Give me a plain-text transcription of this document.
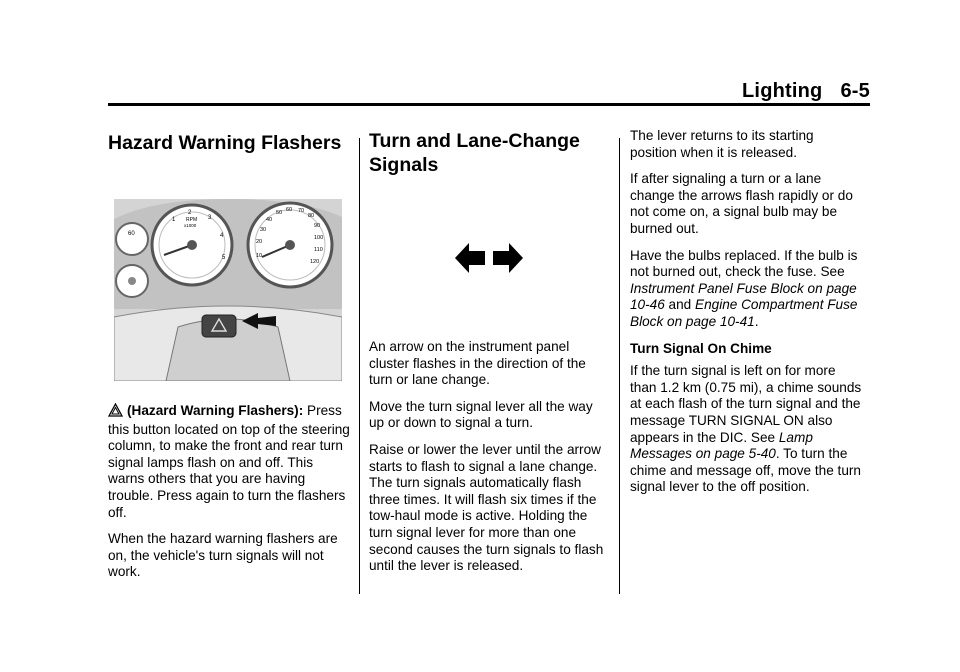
Lighting 6-5
Hazard Warning Flashers
60
RPM
x1000
1
2
3
4
5	10
20
30
40
50 60 70
80
90
100
110
120

(Hazard Warning Flashers): Press this button located on top of the steering column, to make the front and rear turn signal lamps flash on and off. This warns others that you are having trouble. Press again to turn the flashers off.

When the hazard warning flashers are on, the vehicle's turn signals will not work.

Turn and Lane-Change Signals

An arrow on the instrument panel cluster flashes in the direction of the turn or lane change.

Move the turn signal lever all the way up or down to signal a turn.

Raise or lower the lever until the arrow starts to flash to signal a lane change. The turn signals automatically flash three times. It will flash six times if the tow-haul mode is active. Holding the turn signal lever for more than one second causes the turn signals to flash until the lever is released.

The lever returns to its starting position when it is released.

If after signaling a turn or a lane change the arrows flash rapidly or do not come on, a signal bulb may be burned out.

Have the bulbs replaced. If the bulb is not burned out, check the fuse. See Instrument Panel Fuse Block on page 10-46 and Engine Compartment Fuse Block on page 10-41.

Turn Signal On Chime

If the turn signal is left on for more than 1.2 km (0.75 mi), a chime sounds at each flash of the turn signal and the message TURN SIGNAL ON also appears in the DIC. See Lamp Messages on page 5-40. To turn the chime and message off, move the turn signal lever to the off position.
